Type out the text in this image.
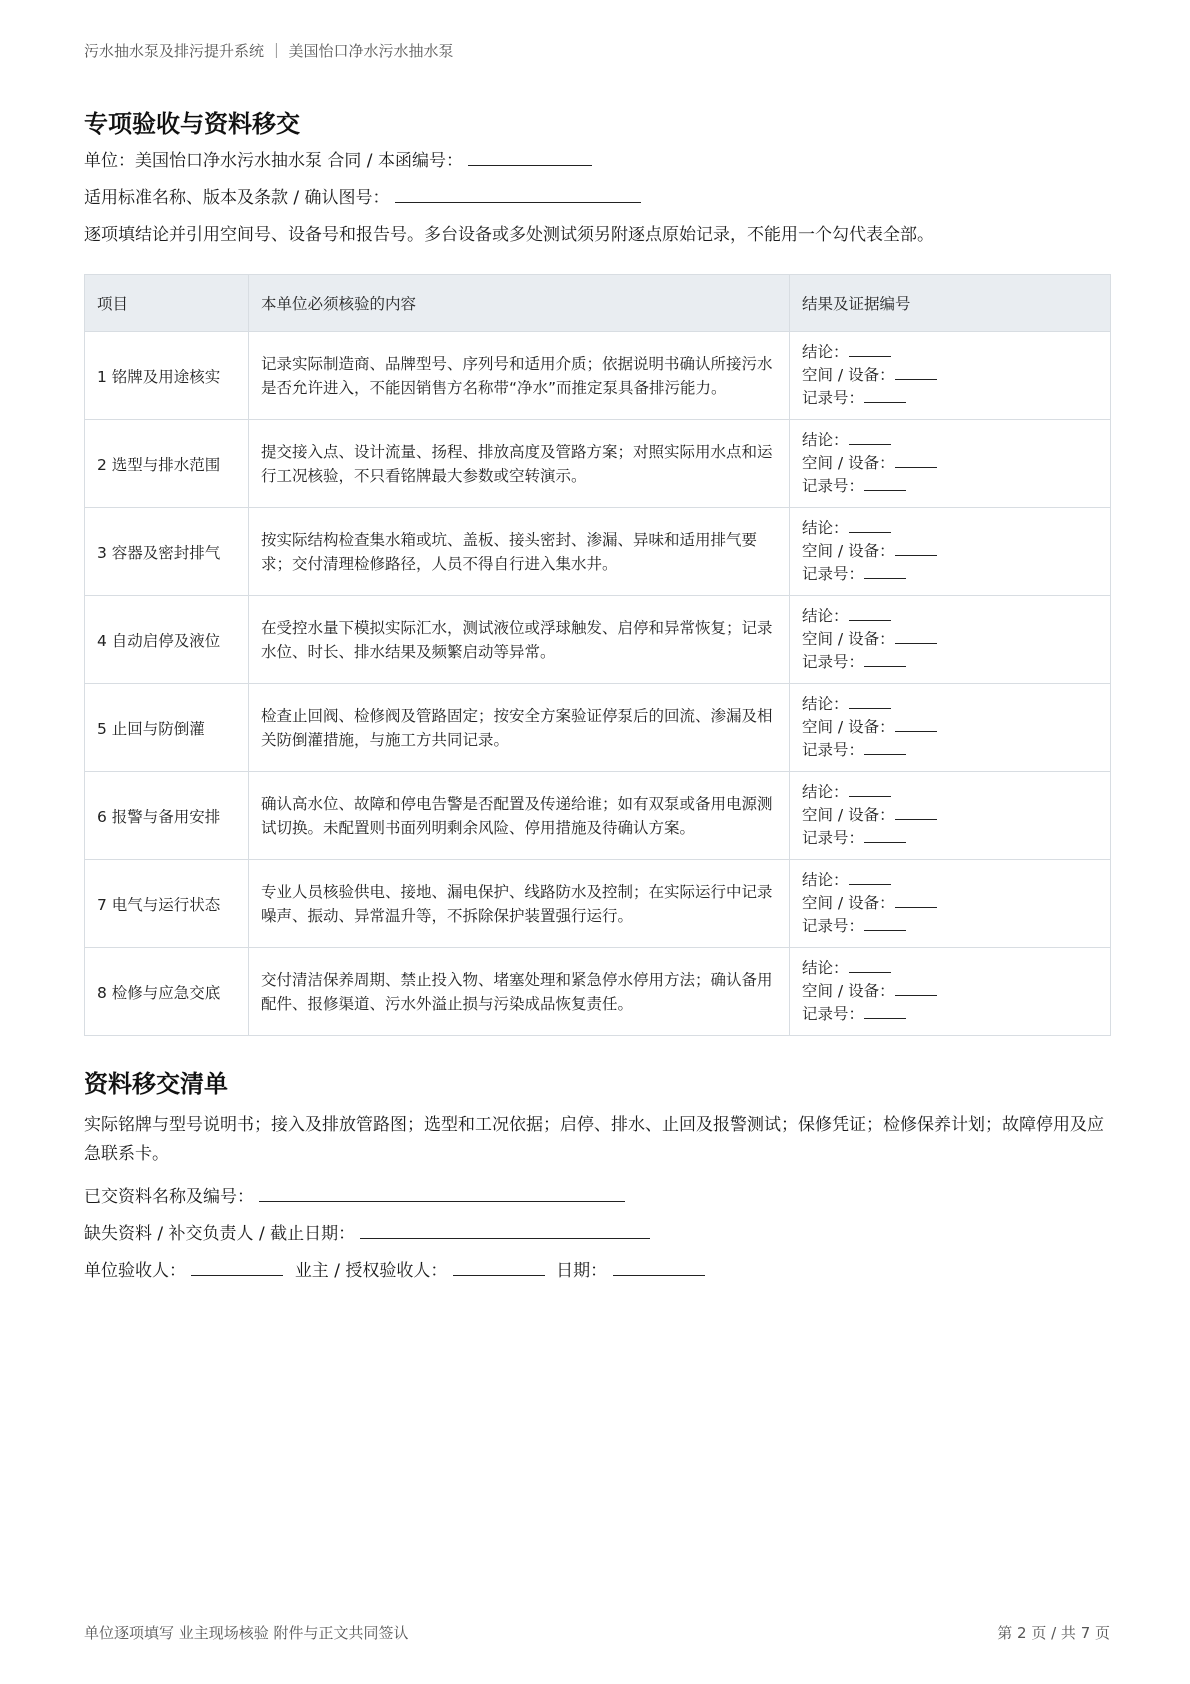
污水抽水泵及排污提升系统 ｜ 美国怡口净水污水抽水泵
专项验收与资料移交
单位：美国怡口净水污水抽水泵 合同 / 本函编号：
适用标准名称、版本及条款 / 确认图号：
逐项填结论并引用空间号、设备号和报告号。多台设备或多处测试须另附逐点原始记录，不能用一个勾代表全部。
项目	本单位必须核验的内容	结果及证据编号
1 铭牌及用途核实	记录实际制造商、品牌型号、序列号和适用介质；依据说明书确认所接污水是否允许进入，不能因销售方名称带“净水”而推定泵具备排污能力。	结论：
空间 / 设备：
记录号：

2 选型与排水范围	提交接入点、设计流量、扬程、排放高度及管路方案；对照实际用水点和运行工况核验，不只看铭牌最大参数或空转演示。	结论：
空间 / 设备：
记录号：

3 容器及密封排气	按实际结构检查集水箱或坑、盖板、接头密封、渗漏、异味和适用排气要求；交付清理检修路径，人员不得自行进入集水井。	结论：
空间 / 设备：
记录号：

4 自动启停及液位	在受控水量下模拟实际汇水，测试液位或浮球触发、启停和异常恢复；记录水位、时长、排水结果及频繁启动等异常。	结论：
空间 / 设备：
记录号：

5 止回与防倒灌	检查止回阀、检修阀及管路固定；按安全方案验证停泵后的回流、渗漏及相关防倒灌措施，与施工方共同记录。	结论：
空间 / 设备：
记录号：

6 报警与备用安排	确认高水位、故障和停电告警是否配置及传递给谁；如有双泵或备用电源测试切换。未配置则书面列明剩余风险、停用措施及待确认方案。	结论：
空间 / 设备：
记录号：

7 电气与运行状态	专业人员核验供电、接地、漏电保护、线路防水及控制；在实际运行中记录噪声、振动、异常温升等，不拆除保护装置强行运行。	结论：
空间 / 设备：
记录号：

8 检修与应急交底	交付清洁保养周期、禁止投入物、堵塞处理和紧急停水停用方法；确认备用配件、报修渠道、污水外溢止损与污染成品恢复责任。	结论：
空间 / 设备：
记录号：
资料移交清单
实际铭牌与型号说明书；接入及排放管路图；选型和工况依据；启停、排水、止回及报警测试；保修凭证；检修保养计划；故障停用及应急联系卡。
已交资料名称及编号：
缺失资料 / 补交负责人 / 截止日期：
单位验收人：	业主 / 授权验收人：	日期：
单位逐项填写 业主现场核验 附件与正文共同签认	第 2 页 / 共 7 页
